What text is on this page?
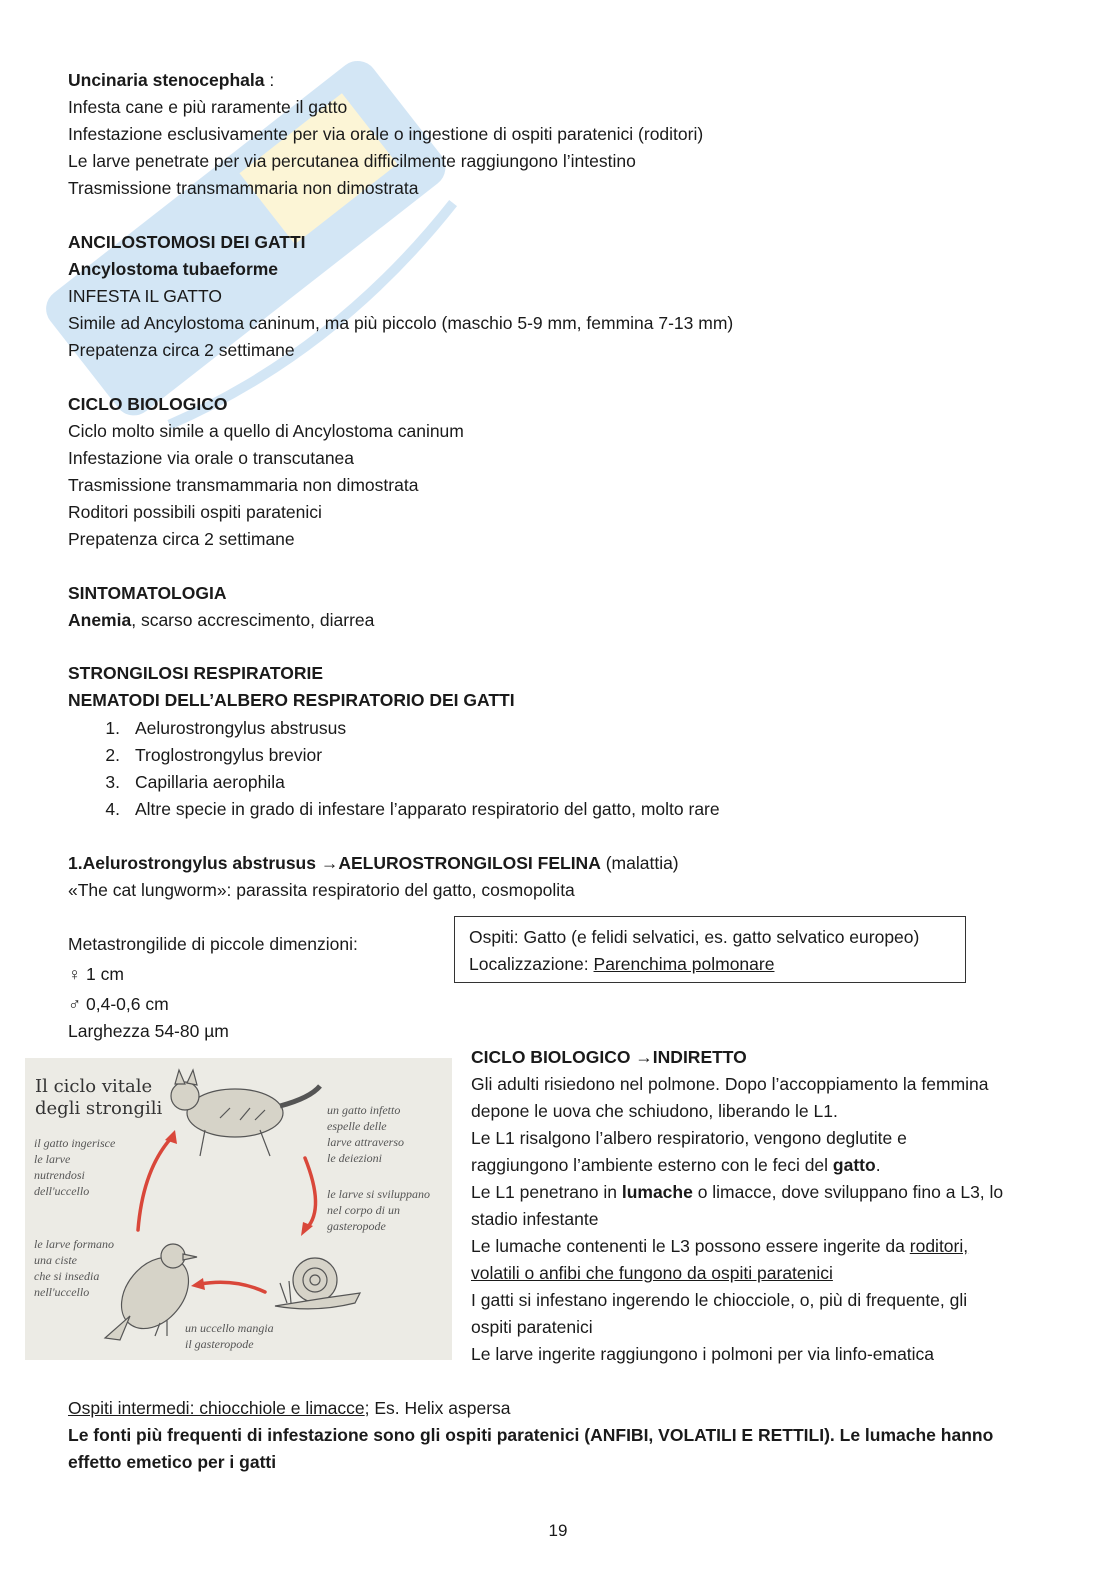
Uncinaria stenocephala :
Infesta cane e più raramente il gatto
Infestazione esclusivamente per via orale o ingestione di ospiti paratenici (roditori)
Le larve penetrate per via percutanea difficilmente raggiungono l’intestino
Trasmissione transmammaria non dimostrata
ANCILOSTOMOSI DEI GATTI
Ancylostoma tubaeforme
INFESTA IL GATTO
Simile ad Ancylostoma caninum, ma più piccolo (maschio 5-9 mm, femmina 7-13 mm)
Prepatenza circa 2 settimane
CICLO BIOLOGICO
Ciclo molto simile a quello di Ancylostoma caninum
Infestazione via orale o transcutanea
Trasmissione transmammaria non dimostrata
Roditori possibili ospiti paratenici
Prepatenza circa 2 settimane
SINTOMATOLOGIA
Anemia, scarso accrescimento, diarrea
STRONGILOSI RESPIRATORIE
NEMATODI DELL’ALBERO RESPIRATORIO DEI GATTI
1. Aelurostrongylus abstrusus
2. Troglostrongylus brevior
3. Capillaria aerophila
4. Altre specie in grado di infestare l’apparato respiratorio del gatto, molto rare
1.Aelurostrongylus abstrusus →AELUROSTRONGILOSI FELINA (malattia)
«The cat lungworm»: parassita respiratorio del gatto, cosmopolita
Ospiti: Gatto (e felidi selvatici, es. gatto selvatico europeo)
Localizzazione: Parenchima polmonare
Metastrongilide di piccole dimenzioni:
♀ 1 cm
♂ 0,4-0,6 cm
Larghezza 54-80 µm
Il ciclo vitale
degli strongili	un gatto infetto
espelle delle
larve attraverso
le deiezioni
il gatto ingerisce
le larve
nutrendosi
dell'uccello	le larve si sviluppano
nel corpo di un
gasteropode
le larve formano
una ciste
che si insedia
nell'uccello
un uccello mangia
il gasteropode
CICLO BIOLOGICO →INDIRETTO
Gli adulti risiedono nel polmone. Dopo l’accoppiamento la femmina
depone le uova che schiudono, liberando le L1.
Le L1 risalgono l’albero respiratorio, vengono deglutite e
raggiungono l’ambiente esterno con le feci del gatto.
Le L1 penetrano in lumache o limacce, dove sviluppano fino a L3, lo
stadio infestante
Le lumache contenenti le L3 possono essere ingerite da roditori,
volatili o anfibi che fungono da ospiti paratenici
I gatti si infestano ingerendo le chiocciole, o, più di frequente, gli
ospiti paratenici
Le larve ingerite raggiungono i polmoni per via linfo-ematica
Ospiti intermedi: chiocchiole e limacce; Es. Helix aspersa
Le fonti più frequenti di infestazione sono gli ospiti paratenici (ANFIBI, VOLATILI E RETTILI). Le lumache hanno
effetto emetico per i gatti
19
